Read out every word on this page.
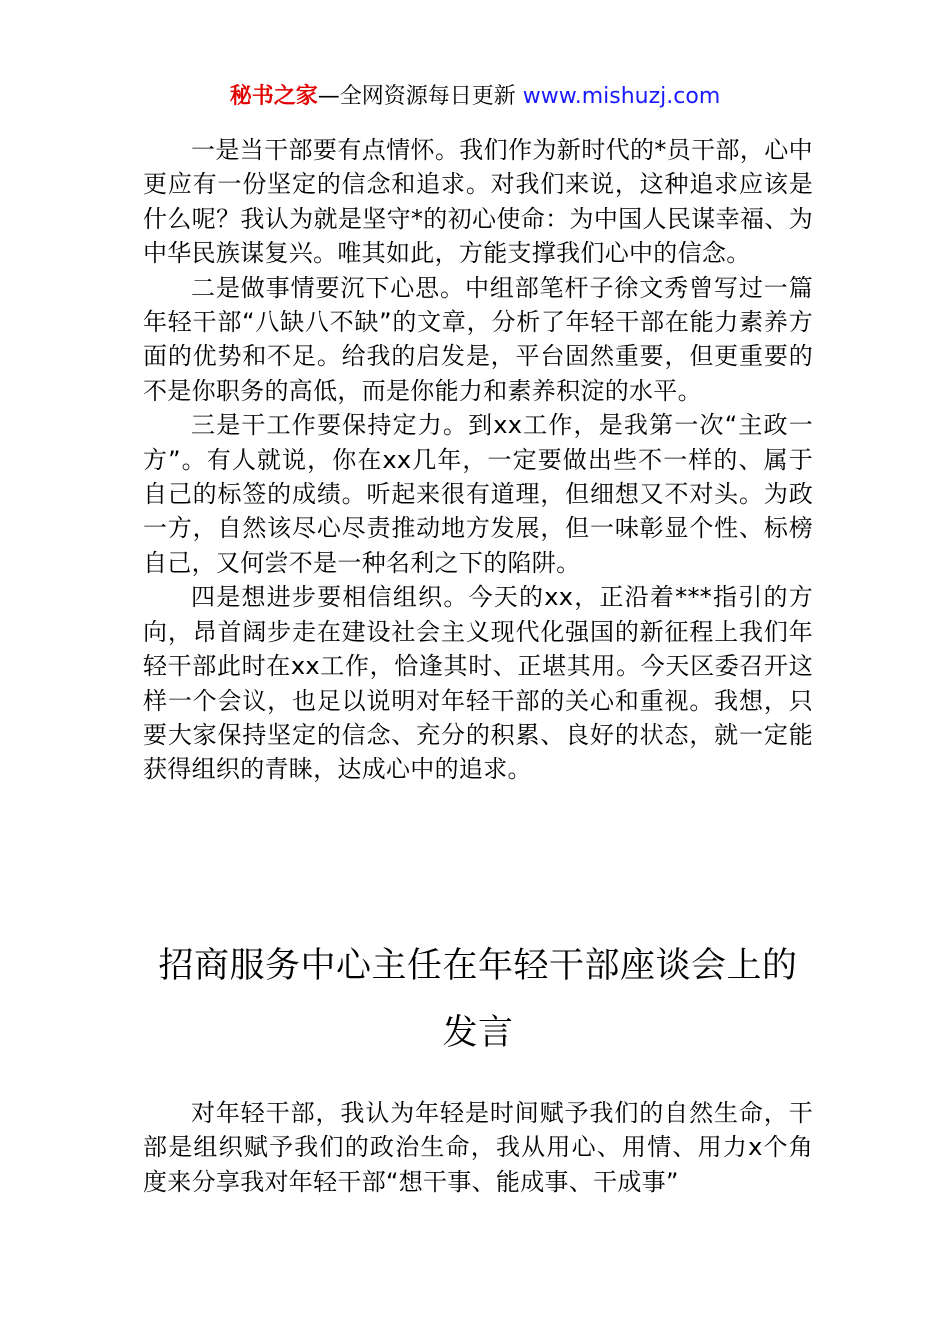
秘书之家—全网资源每日更新 www.mishuzj.com

一是当干部要有点情怀。我们作为新时代的*员干部，心中更应有一份坚定的信念和追求。对我们来说，这种追求应该是什么呢？我认为就是坚守*的初心使命：为中国人民谋幸福、为中华民族谋复兴。唯其如此，方能支撑我们心中的信念。

二是做事情要沉下心思。中组部笔杆子徐文秀曾写过一篇年轻干部“八缺八不缺”的文章，分析了年轻干部在能力素养方面的优势和不足。给我的启发是，平台固然重要，但更重要的不是你职务的高低，而是你能力和素养积淀的水平。

三是干工作要保持定力。到xx工作，是我第一次“主政一方”。有人就说，你在xx几年，一定要做出些不一样的、属于自己的标签的成绩。听起来很有道理，但细想又不对头。为政一方，自然该尽心尽责推动地方发展，但一味彰显个性、标榜自己，又何尝不是一种名利之下的陷阱。

四是想进步要相信组织。今天的xx，正沿着***指引的方向，昂首阔步走在建设社会主义现代化强国的新征程上我们年轻干部此时在xx工作，恰逢其时、正堪其用。今天区委召开这样一个会议，也足以说明对年轻干部的关心和重视。我想，只要大家保持坚定的信念、充分的积累、良好的状态，就一定能获得组织的青睐，达成心中的追求。

招商服务中心主任在年轻干部座谈会上的发言

对年轻干部，我认为年轻是时间赋予我们的自然生命，干部是组织赋予我们的政治生命，我从用心、用情、用力x个角度来分享我对年轻干部“想干事、能成事、干成事”
